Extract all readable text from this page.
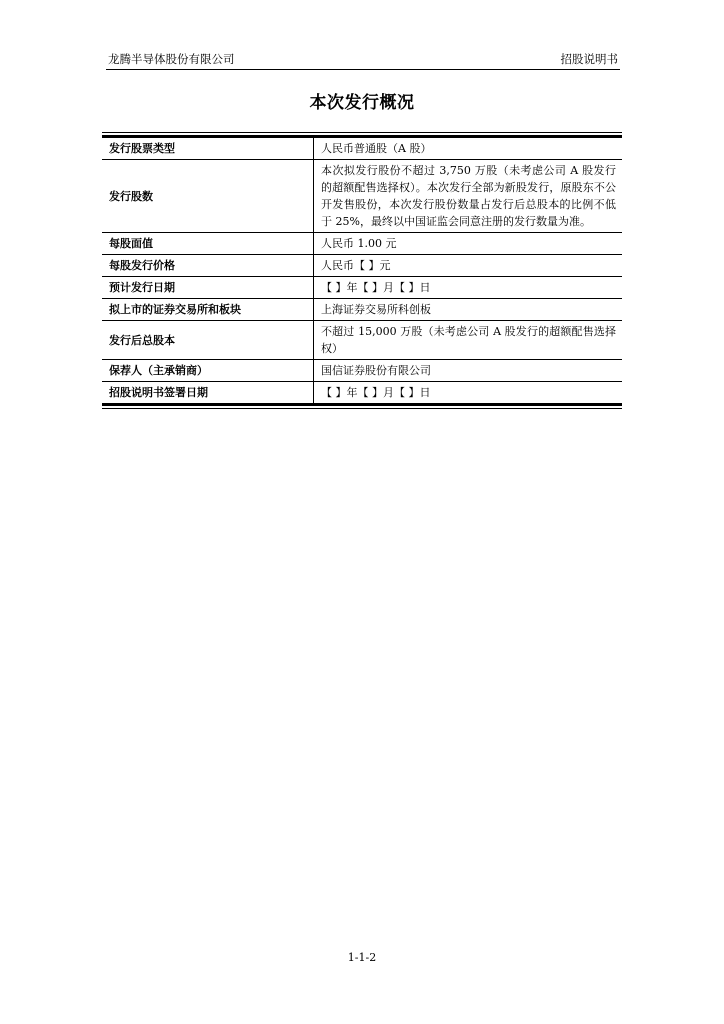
龙腾半导体股份有限公司	招股说明书
本次发行概况
发行股票类型	人民币普通股（A 股）
发行股数	本次拟发行股份不超过 3,750 万股（未考虑公司 A 股发行的超额配售选择权）。本次发行全部为新股发行，原股东不公开发售股份，本次发行股份数量占发行后总股本的比例不低于 25%，最终以中国证监会同意注册的发行数量为准。
每股面值	人民币 1.00 元
每股发行价格	人民币【 】元
预计发行日期	【 】年【 】月【 】日
拟上市的证券交易所和板块	上海证券交易所科创板
发行后总股本	不超过 15,000 万股（未考虑公司 A 股发行的超额配售选择权）
保荐人（主承销商）	国信证券股份有限公司
招股说明书签署日期	【 】年【 】月【 】日
1-1-2
